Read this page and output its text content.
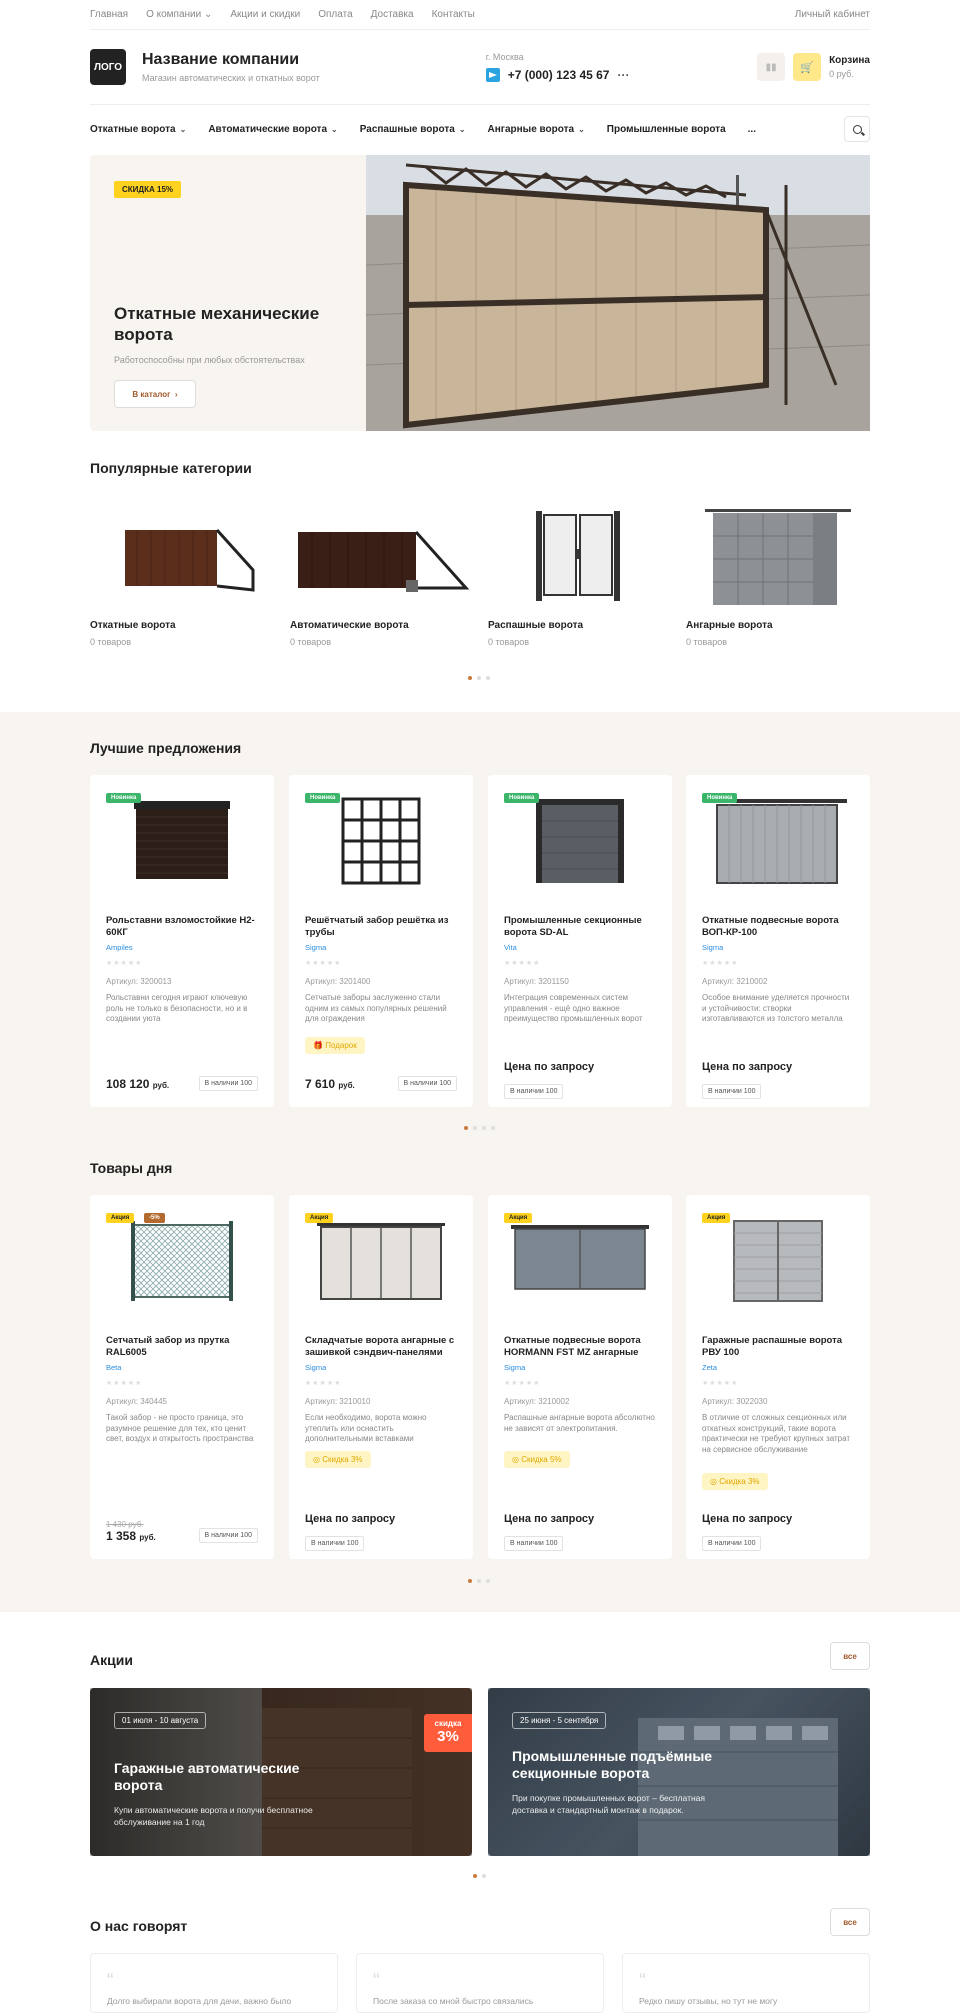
Главная О компании ⌄ Акции и скидки Оплата Доставка Контакты	Личный кабинет
ЛОГО Название компании
Магазин автоматических и откатных ворот
г. Москва
+7 (000) 123 45 67 ···
▮▮	🛒
Корзина
0 руб.
Откатные ворота ⌄ Автоматические ворота ⌄ Распашные ворота ⌄ Ангарные ворота ⌄ Промышленные ворота ...
СКИДКА 15%
Откатные механические ворота
Работоспособны при любых обстоятельствах
В каталог
›
Популярные категории
Откатные ворота
0 товаров
Автоматические ворота
0 товаров
Распашные ворота
0 товаров
Ангарные ворота
0 товаров
Лучшие предложения
Новинка
Рольставни взломостойкие H2-60КГ
Ampiles
★★★★★
Артикул: 3200013
Рольставни сегодня играют ключевую роль не только в безопасности, но и в создании уюта
108 120 руб.	В наличии 100
Новинка
Решётчатый забор решётка из трубы
Sigma
★★★★★
Артикул: 3201400
Сетчатые заборы заслуженно стали одним из самых популярных решений для ограждения
🎁 Подарок
7 610 руб.	В наличии 100
Новинка
Промышленные секционные ворота SD-AL
Vita
★★★★★
Артикул: 3201150
Интеграция современных систем управления - ещё одно важное преимущество промышленных ворот
Цена по запросу
В наличии 100
Новинка
Откатные подвесные ворота ВОП-КР-100
Sigma
★★★★★
Артикул: 3210002
Особое внимание уделяется прочности и устойчивости: створки изготавливаются из толстого металла
Цена по запросу
В наличии 100
Товары дня
Акция	-5%
Сетчатый забор из прутка RAL6005
Beta
★★★★★
Артикул: 340445
Такой забор - не просто граница, это разумное решение для тех, кто ценит свет, воздух и открытость пространства
1 430 руб.
1 358 руб.	В наличии 100
Акция
Складчатые ворота ангарные с зашивкой сэндвич-панелями
Sigma
★★★★★
Артикул: 3210010
Если необходимо, ворота можно утеплить или оснастить дополнительными вставками
◎ Скидка 3%
Цена по запросу
В наличии 100
Акция
Откатные подвесные ворота HORMANN FST MZ ангарные
Sigma
★★★★★
Артикул: 3210002
Распашные ангарные ворота абсолютно не зависят от электропитания.
◎ Скидка 5%
Цена по запросу
В наличии 100
Акция
Гаражные распашные ворота РВУ 100
Zeta
★★★★★
Артикул: 3022030
В отличие от сложных секционных или откатных конструкций, такие ворота практически не требуют крупных затрат на сервисное обслуживание
◎ Скидка 3%
Цена по запросу
В наличии 100
Акции	все
01 июля - 10 августа
Гаражные автоматические ворота
Купи автоматические ворота и получи бесплатное обслуживание на 1 год
скидка
3%
25 июня - 5 сентября
Промышленные подъёмные секционные ворота
При покупке промышленных ворот – бесплатная доставка и стандартный монтаж в подарок.
О нас говорят	все
“
Долго выбирали ворота для дачи, важно было
“
После заказа со мной быстро связались
“
Редко пишу отзывы, но тут не могу
